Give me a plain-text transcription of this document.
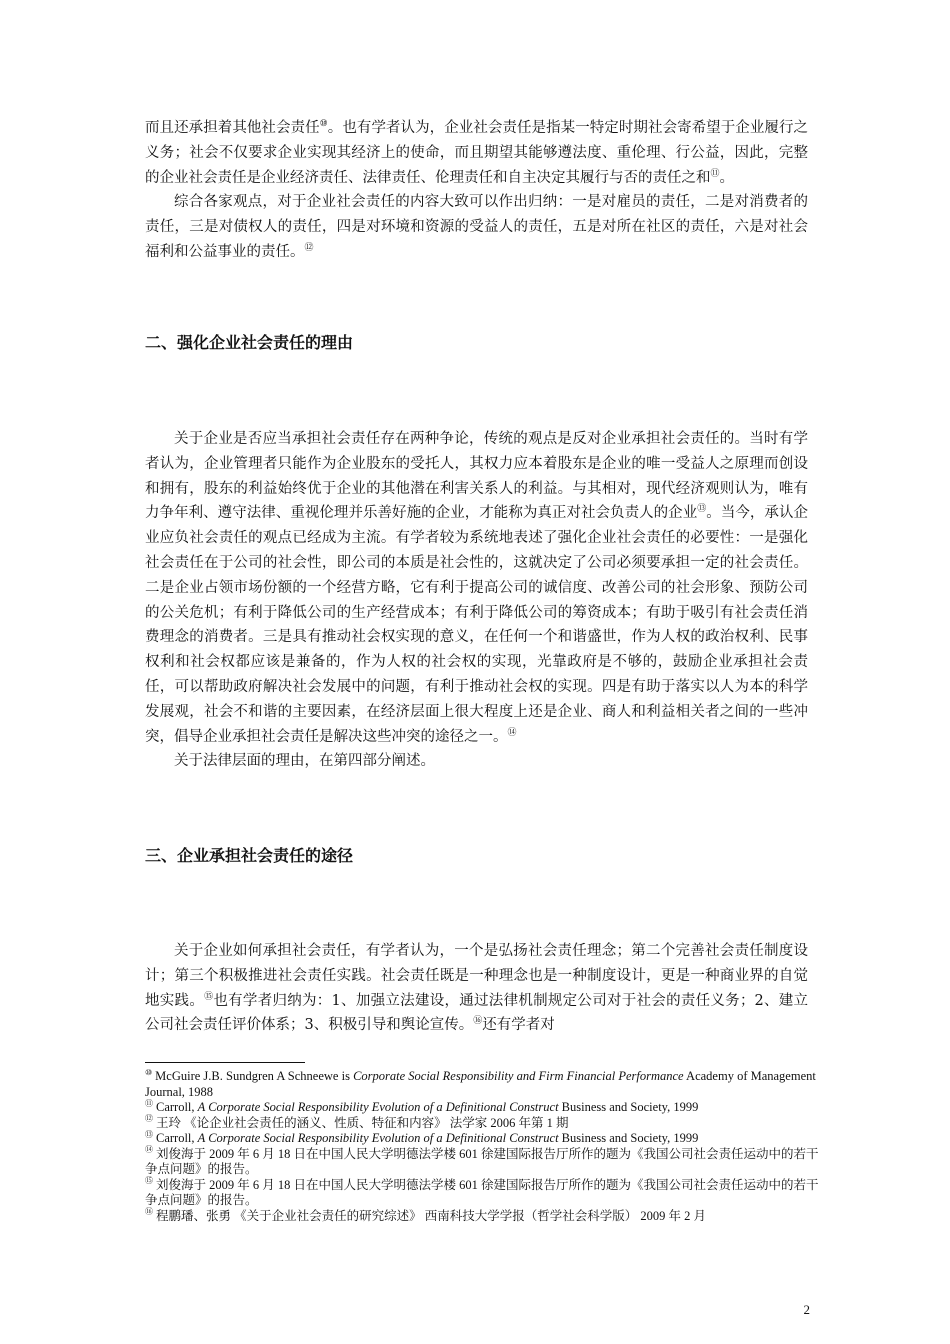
而且还承担着其他社会责任⑩。也有学者认为，企业社会责任是指某一特定时期社会寄希望于企业履行之义务；社会不仅要求企业实现其经济上的使命，而且期望其能够遵法度、重伦理、行公益，因此，完整的企业社会责任是企业经济责任、法律责任、伦理责任和自主决定其履行与否的责任之和⑪。

综合各家观点，对于企业社会责任的内容大致可以作出归纳：一是对雇员的责任，二是对消费者的责任，三是对债权人的责任，四是对环境和资源的受益人的责任，五是对所在社区的责任，六是对社会福利和公益事业的责任。⑫

二、强化企业社会责任的理由

关于企业是否应当承担社会责任存在两种争论，传统的观点是反对企业承担社会责任的。当时有学者认为，企业管理者只能作为企业股东的受托人，其权力应本着股东是企业的唯一受益人之原理而创设和拥有，股东的利益始终优于企业的其他潜在利害关系人的利益。与其相对，现代经济观则认为，唯有力争年利、遵守法律、重视伦理并乐善好施的企业，才能称为真正对社会负责人的企业⑬。当今，承认企业应负社会责任的观点已经成为主流。有学者较为系统地表述了强化企业社会责任的必要性：一是强化社会责任在于公司的社会性，即公司的本质是社会性的，这就决定了公司必须要承担一定的社会责任。二是企业占领市场份额的一个经营方略，它有利于提高公司的诚信度、改善公司的社会形象、预防公司的公关危机；有利于降低公司的生产经营成本；有利于降低公司的筹资成本；有助于吸引有社会责任消费理念的消费者。三是具有推动社会权实现的意义，在任何一个和谐盛世，作为人权的政治权利、民事权利和社会权都应该是兼备的，作为人权的社会权的实现，光靠政府是不够的，鼓励企业承担社会责任，可以帮助政府解决社会发展中的问题，有利于推动社会权的实现。四是有助于落实以人为本的科学发展观，社会不和谐的主要因素，在经济层面上很大程度上还是企业、商人和利益相关者之间的一些冲突，倡导企业承担社会责任是解决这些冲突的途径之一。⑭

关于法律层面的理由，在第四部分阐述。

三、企业承担社会责任的途径

关于企业如何承担社会责任，有学者认为，一个是弘扬社会责任理念；第二个完善社会责任制度设计；第三个积极推进社会责任实践。社会责任既是一种理念也是一种制度设计，更是一种商业界的自觉地实践。⑮也有学者归纳为：1、加强立法建设，通过法律机制规定公司对于社会的责任义务；2、建立公司社会责任评价体系；3、积极引导和舆论宣传。⑯还有学者对

⑩ McGuire J.B. Sundgren A Schneewe is Corporate Social Responsibility and Firm Financial Performance Academy of Management Journal, 1988

⑪ Carroll, A Corporate Social Responsibility Evolution of a Definitional Construct Business and Society, 1999

⑫ 王玲 《论企业社会责任的涵义、性质、特征和内容》 法学家 2006 年第 1 期

⑬ Carroll, A Corporate Social Responsibility Evolution of a Definitional Construct Business and Society, 1999

⑭ 刘俊海于 2009 年 6 月 18 日在中国人民大学明德法学楼 601 徐建国际报告厅所作的题为《我国公司社会责任运动中的若干争点问题》的报告。

⑮ 刘俊海于 2009 年 6 月 18 日在中国人民大学明德法学楼 601 徐建国际报告厅所作的题为《我国公司社会责任运动中的若干争点问题》的报告。

⑯ 程鹏璠、张勇 《关于企业社会责任的研究综述》 西南科技大学学报（哲学社会科学版） 2009 年 2 月

2
